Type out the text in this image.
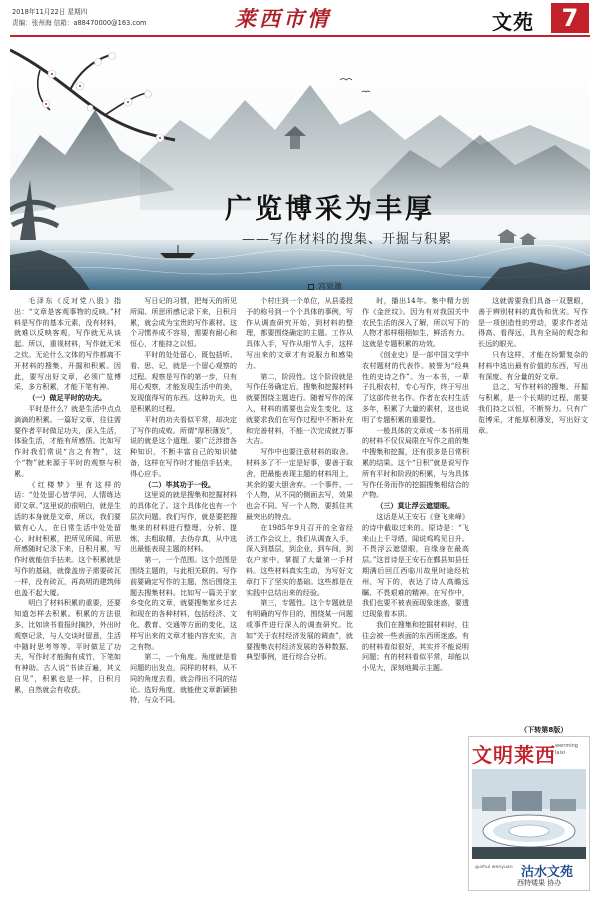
2018年11月22日 星期四
责编：张州海 信箱：a88470000@163.com	莱西市情	文苑	7
广览博采为丰厚
——写作材料的搜集、开掘与积累
宫泉激

毛泽东《反对党八股》指出：“文章是客观事物的反映。”材料是写作的基本元素，没有材料，就难以反映客观，写作就无从谈起。所以，重视材料，写作就无米之炊。无论什么文体的写作都离不开材料的搜集、开掘和积累。因此，要写出好文章，必须广览博采，多方积累，才能下笔有神。

（一）做足平时的功夫。

平时是什么？就是生活中点点滴滴的积累。一篇好文章，往往需要作者平时做足功夫，深入生活，体验生活，才能有所感悟。比如写作时我们常说“言之有物”，这个“物”就来源于平时的观察与积累。

《红楼梦》里有这样的话：“处处留心皆学问，人情练达即文章。”这里说的很明白，就是生活的本身就是文章，所以，我们要做有心人，在日常生活中处处留心，时时积累，把所见所闻、所思所感随时记录下来，日积月累，写作时就能信手拈来。这个积累就是写作的基础，就像盖房子需要砖瓦一样，没有砖瓦，再高明的建筑师也盖不起大厦。

明白了材料积累的重要，还要知道怎样去积累。积累的方法很多，比如读书看报时摘抄，外出时观察记录，与人交谈时留意，生活中随时思考等等。平时做足了功夫，写作时才能胸有成竹，下笔如有神助。古人说“书读百遍，其义自见”，积累也是一样，日积月累，自然就会有收获。

写日记的习惯，把每天的所见所闻、所思所感记录下来，日积月累，就会成为宝贵的写作素材。这个习惯养成不容易，需要有耐心和恒心，才能持之以恒。

平时的处处留心，既包括听、看、思、记，就是一个留心观察的过程。观察是写作的第一步，只有用心观察，才能发现生活中的美，发现值得写的东西。这种功夫，也是积累的过程。

平时的功夫看似平常，却决定了写作的成败。所谓“厚积薄发”，说的就是这个道理。要广泛涉猎各种知识，不断丰富自己的知识储备，这样在写作时才能信手拈来，得心应手。

（二）毕其功于一役。

这里说的就是搜集和挖掘材料的具体化了。这个具体化也有一个层次问题。我们写作，就是要把搜集来的材料进行整理、分析、提炼，去粗取精，去伪存真，从中选出最能表现主题的材料。

第一，一个范围。这个范围是围绕主题的，与此相关联的。写作前要确定写作的主题，然后围绕主题去搜集材料。比如写一篇关于家乡变化的文章，就要搜集家乡过去和现在的各种材料，包括经济、文化、教育、交通等方面的变化，这样写出来的文章才能内容充实，言之有物。

第二，一个角度。角度就是看问题的出发点，同样的材料，从不同的角度去看，就会得出不同的结论。选好角度，就能使文章新颖独特，与众不同。

个村庄到一个单位，从县委授予的称号到一个个具体的事例，写作从调查研究开始，到材料的整理，都要围绕确定的主题。工作从具体入手，写作从细节入手，这样写出来的文章才有说服力和感染力。

第二，阶段性。这个阶段就是写作任务确定后，搜集和挖掘材料就要围绕主题进行。随着写作的深入，材料的需要也会发生变化，这就要求我们在写作过程中不断补充和完善材料，不能一次完成就万事大吉。

写作中也要注意材料的取舍。材料多了不一定是好事，要善于取舍，把最能表现主题的材料用上，其余的要大胆舍弃。一个事件、一个人物，从不同的侧面去写，效果也会不同。写一个人物，要抓住其最突出的特点。

在1985年9月召开的全省经济工作会议上，我们从调查入手，深入到基层，到企业，到车间，到农户家中，掌握了大量第一手材料。这些材料真实生动，为写好文章打下了坚实的基础。这些都是在实践中总结出来的经验。

第三，专题性。这个专题就是有明确的写作目的，围绕某一问题或事件进行深入的调查研究。比如“关于农村经济发展的调查”，就要搜集农村经济发展的各种数据、典型事例，进行综合分析。

时，播出14年。集中精力创作《金丝纹》。因为有对我国关中农民生活的深入了解，所以写下的人物才那样栩栩如生，鲜活有力。这就是专题积累的功效。

《创业史》是一部中国文学中农村题材的代表作。被誉为“经典性的史诗之作”。为一本书，一辈子扎根农村，专心写作，终于写出了这部传世名作。作者在农村生活多年，积累了大量的素材，这也说明了专题积累的重要性。

一般具体的文章或一本书所用的材料不仅仅局限在写作之前的集中搜集和挖掘，还有很多是日常积累的结果。这个“日积”就是说写作所有平时和阶段的积累，与为具体写作任务而作的挖掘搜集相结合的产物。

（三）莫让浮云遮望眼。

这话是从王安石《登飞来峰》的诗中截取过来的。原诗是：“飞来山上千寻塔，闻说鸡鸣见日升。不畏浮云遮望眼，自缘身在最高层。”这首诗是王安石在鄞县知县任期满后回江西临川故里时途经杭州，写下的，表达了诗人高瞻远瞩、不畏艰难的精神。在写作中，我们也要不被表面现象迷惑，要透过现象看本质。

我们在搜集和挖掘材料时，往往会被一些表面的东西所迷惑。有的材料看似很好，其实并不能说明问题；有的材料看似平常，却能以小见大，深刻地揭示主题。

这就需要我们具备一双慧眼，善于辨别材料的真伪和优劣。写作是一项创造性的劳动，要求作者站得高、看得远，具有全局的观念和长远的眼光。

只有这样，才能在纷繁复杂的材料中选出最有价值的东西，写出有深度、有分量的好文章。

总之，写作材料的搜集、开掘与积累，是一个长期的过程，需要我们持之以恒，不断努力。只有广览博采，才能厚积薄发，写出好文章。

（下转第8版）
文明莱西 wenming laixi
gushui wenyuan 沽水文苑
西特矮果 协办
